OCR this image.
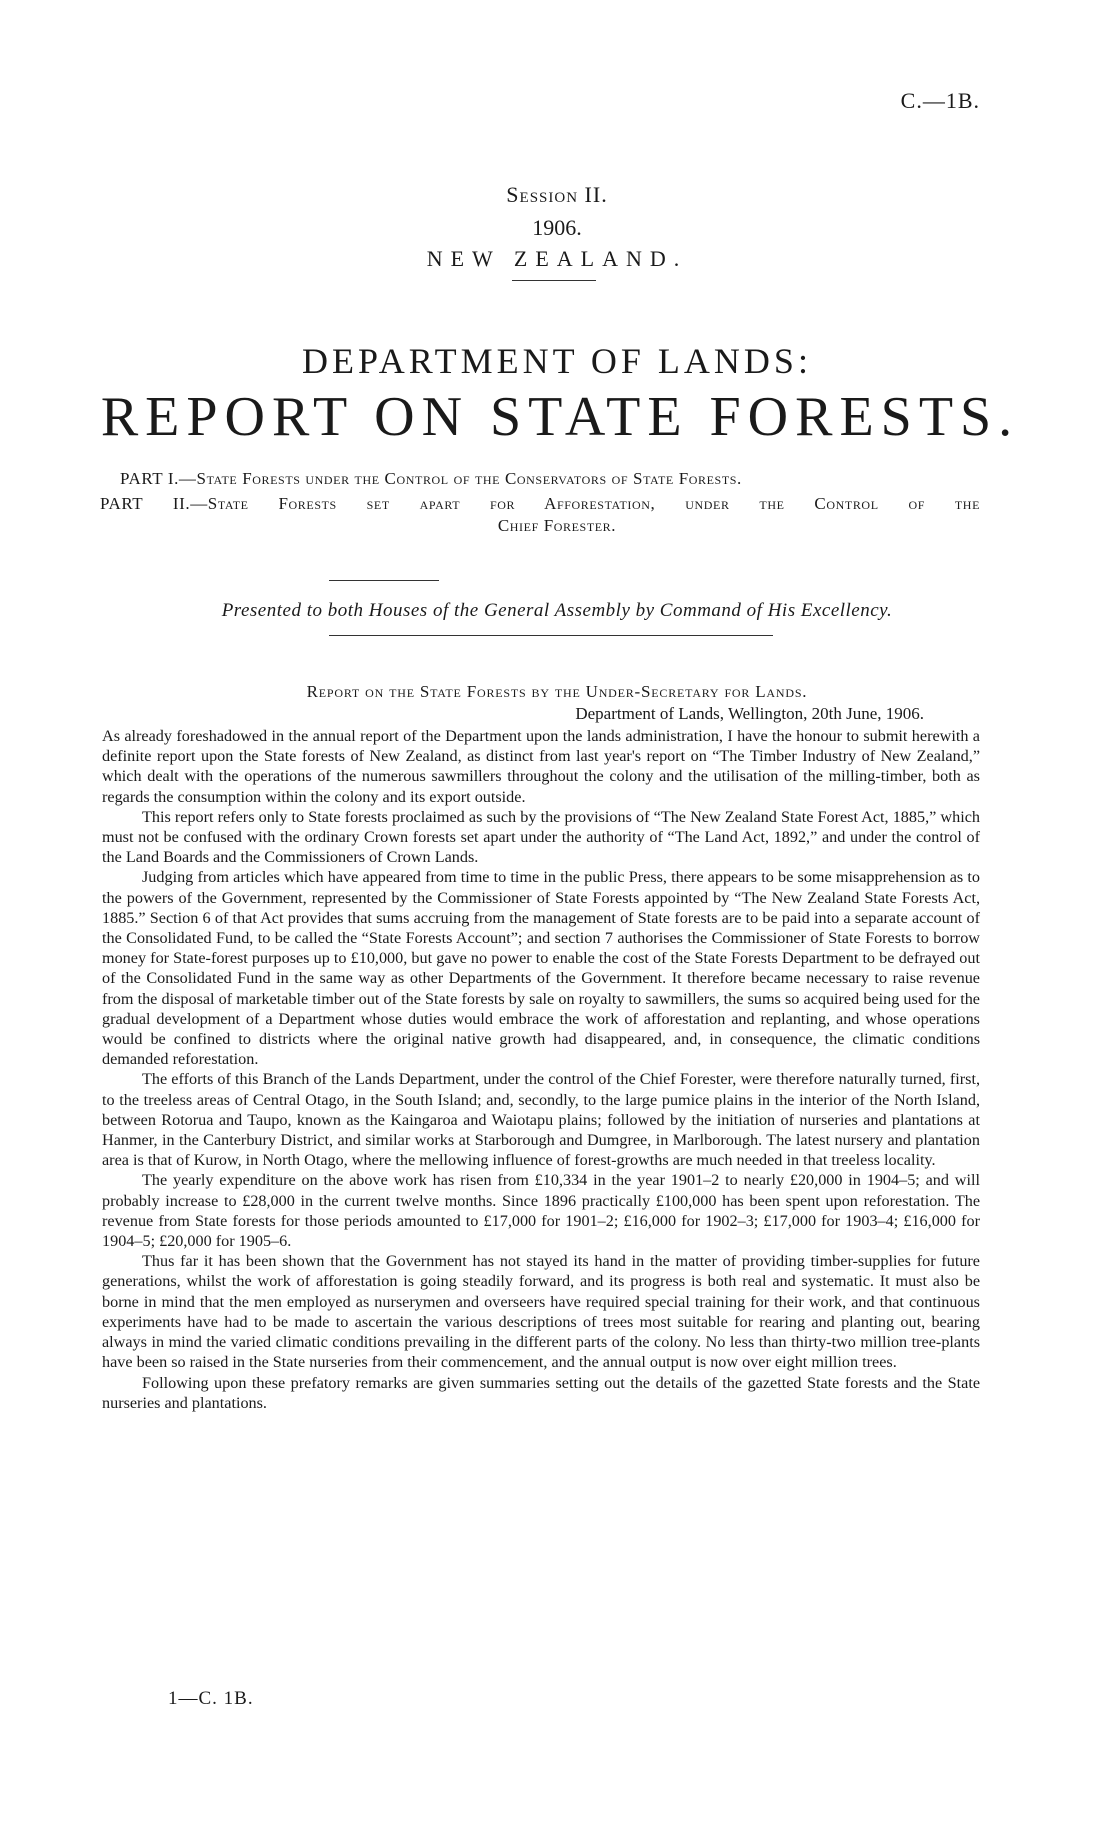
C.—1B.
Session II.
1906.
NEW ZEALAND.
DEPARTMENT OF LANDS:
REPORT ON STATE FORESTS.
PART I.—State Forests under the Control of the Conservators of State Forests.
PART II.—State Forests set apart for Afforestation, under the Control of the
Chief Forester.
Presented to both Houses of the General Assembly by Command of His Excellency.
Report on the State Forests by the Under-Secretary for Lands.
Department of Lands, Wellington, 20th June, 1906.

As already foreshadowed in the annual report of the Department upon the lands administration, I have the honour to submit herewith a definite report upon the State forests of New Zealand, as distinct from last year's report on “The Timber Industry of New Zealand,” which dealt with the operations of the numerous sawmillers throughout the colony and the utilisation of the milling-timber, both as regards the consumption within the colony and its export outside.

This report refers only to State forests proclaimed as such by the provisions of “The New Zealand State Forest Act, 1885,” which must not be confused with the ordinary Crown forests set apart under the authority of “The Land Act, 1892,” and under the control of the Land Boards and the Commissioners of Crown Lands.

Judging from articles which have appeared from time to time in the public Press, there appears to be some misapprehension as to the powers of the Government, represented by the Commissioner of State Forests appointed by “The New Zealand State Forests Act, 1885.” Section 6 of that Act provides that sums accruing from the management of State forests are to be paid into a separate account of the Consolidated Fund, to be called the “State Forests Account”; and section 7 authorises the Commissioner of State Forests to borrow money for State-forest purposes up to £10,000, but gave no power to enable the cost of the State Forests Department to be defrayed out of the Consolidated Fund in the same way as other Departments of the Government. It therefore became necessary to raise revenue from the disposal of marketable timber out of the State forests by sale on royalty to sawmillers, the sums so acquired being used for the gradual development of a Department whose duties would embrace the work of afforestation and replanting, and whose operations would be confined to districts where the original native growth had disappeared, and, in consequence, the climatic conditions demanded reforestation.

The efforts of this Branch of the Lands Department, under the control of the Chief Forester, were therefore naturally turned, first, to the treeless areas of Central Otago, in the South Island; and, secondly, to the large pumice plains in the interior of the North Island, between Rotorua and Taupo, known as the Kaingaroa and Waiotapu plains; followed by the initiation of nurseries and plantations at Hanmer, in the Canterbury District, and similar works at Starborough and Dumgree, in Marlborough. The latest nursery and plantation area is that of Kurow, in North Otago, where the mellowing influence of forest-growths are much needed in that treeless locality.

The yearly expenditure on the above work has risen from £10,334 in the year 1901–2 to nearly £20,000 in 1904–5; and will probably increase to £28,000 in the current twelve months. Since 1896 practically £100,000 has been spent upon reforestation. The revenue from State forests for those periods amounted to £17,000 for 1901–2; £16,000 for 1902–3; £17,000 for 1903–4; £16,000 for 1904–5; £20,000 for 1905–6.

Thus far it has been shown that the Government has not stayed its hand in the matter of providing timber-supplies for future generations, whilst the work of afforestation is going steadily forward, and its progress is both real and systematic. It must also be borne in mind that the men employed as nurserymen and overseers have required special training for their work, and that continuous experiments have had to be made to ascertain the various descriptions of trees most suitable for rearing and planting out, bearing always in mind the varied climatic conditions prevailing in the different parts of the colony. No less than thirty-two million tree-plants have been so raised in the State nurseries from their commencement, and the annual output is now over eight million trees.

Following upon these prefatory remarks are given summaries setting out the details of the gazetted State forests and the State nurseries and plantations.

1—C. 1B.
